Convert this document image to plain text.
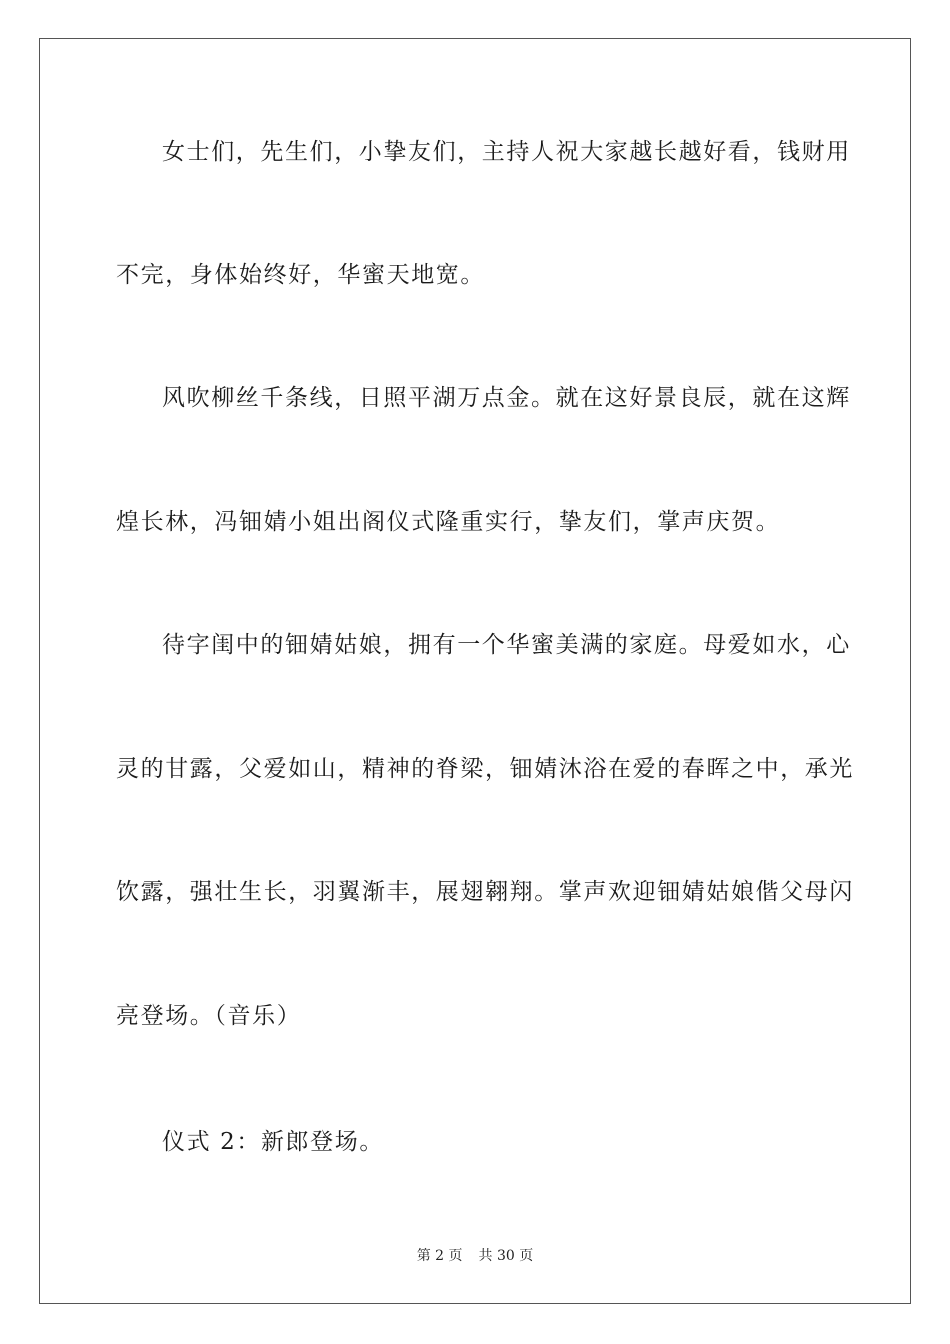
女士们，先生们，小挚友们，主持人祝大家越长越好看，钱财用
不完，身体始终好，华蜜天地宽。
风吹柳丝千条线，日照平湖万点金。就在这好景良辰，就在这辉
煌长林，冯钿婧小姐出阁仪式隆重实行，挚友们，掌声庆贺。
待字闺中的钿婧姑娘，拥有一个华蜜美满的家庭。母爱如水，心
灵的甘露，父爱如山，精神的脊梁，钿婧沐浴在爱的春晖之中，承光
饮露，强壮生长，羽翼渐丰，展翅翱翔。掌声欢迎钿婧姑娘偕父母闪
亮登场。（音乐）
仪式 2：新郎登场。
第 2 页 共 30 页
